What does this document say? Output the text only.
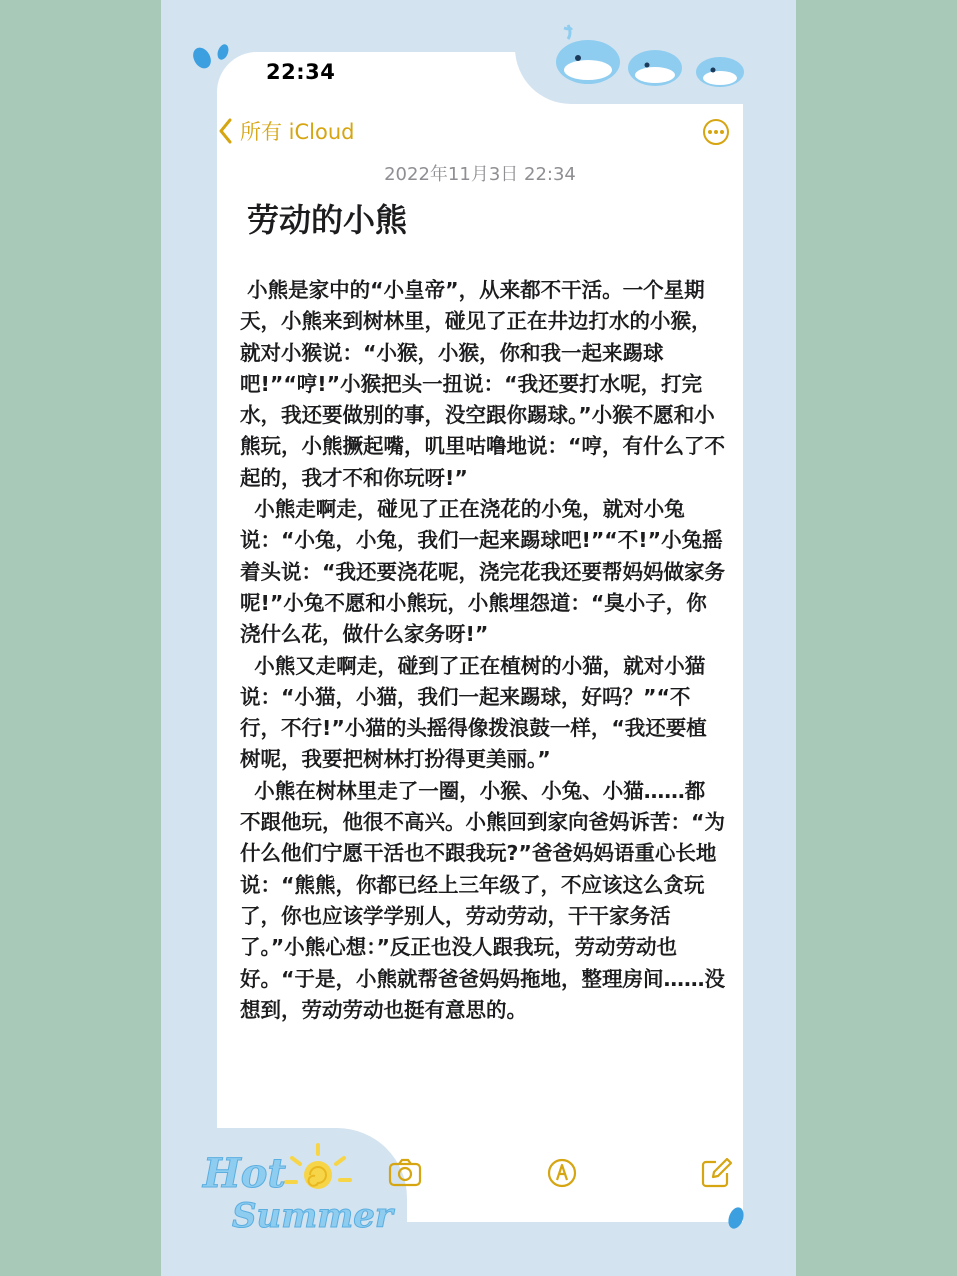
22:34
所有 iCloud
2022年11月3日 22:34
劳动的小熊

小熊是家中的“小皇帝”，从来都不干活。一个星期天，小熊来到树林里，碰见了正在井边打水的小猴，就对小猴说：“小猴，小猴，你和我一起来踢球吧!”“哼!”小猴把头一扭说：“我还要打水呢，打完水，我还要做别的事，没空跟你踢球。”小猴不愿和小熊玩，小熊撅起嘴，叽里咕噜地说：“哼，有什么了不起的，我才不和你玩呀!”

小熊走啊走，碰见了正在浇花的小兔，就对小兔说：“小兔，小兔，我们一起来踢球吧!”“不!”小兔摇着头说：“我还要浇花呢，浇完花我还要帮妈妈做家务呢!”小兔不愿和小熊玩，小熊埋怨道：“臭小子，你浇什么花，做什么家务呀!”

小熊又走啊走，碰到了正在植树的小猫，就对小猫说：“小猫，小猫，我们一起来踢球，好吗？”“不行，不行!”小猫的头摇得像拨浪鼓一样，“我还要植树呢，我要把树林打扮得更美丽。”

小熊在树林里走了一圈，小猴、小兔、小猫……都不跟他玩，他很不高兴。小熊回到家向爸妈诉苦：“为什么他们宁愿干活也不跟我玩?”爸爸妈妈语重心长地说：“熊熊，你都已经上三年级了，不应该这么贪玩了，你也应该学学别人，劳动劳动，干干家务活了。”小熊心想：”反正也没人跟我玩，劳动劳动也好。“于是，小熊就帮爸爸妈妈拖地，整理房间……没想到，劳动劳动也挺有意思的。

Hot
Summer
